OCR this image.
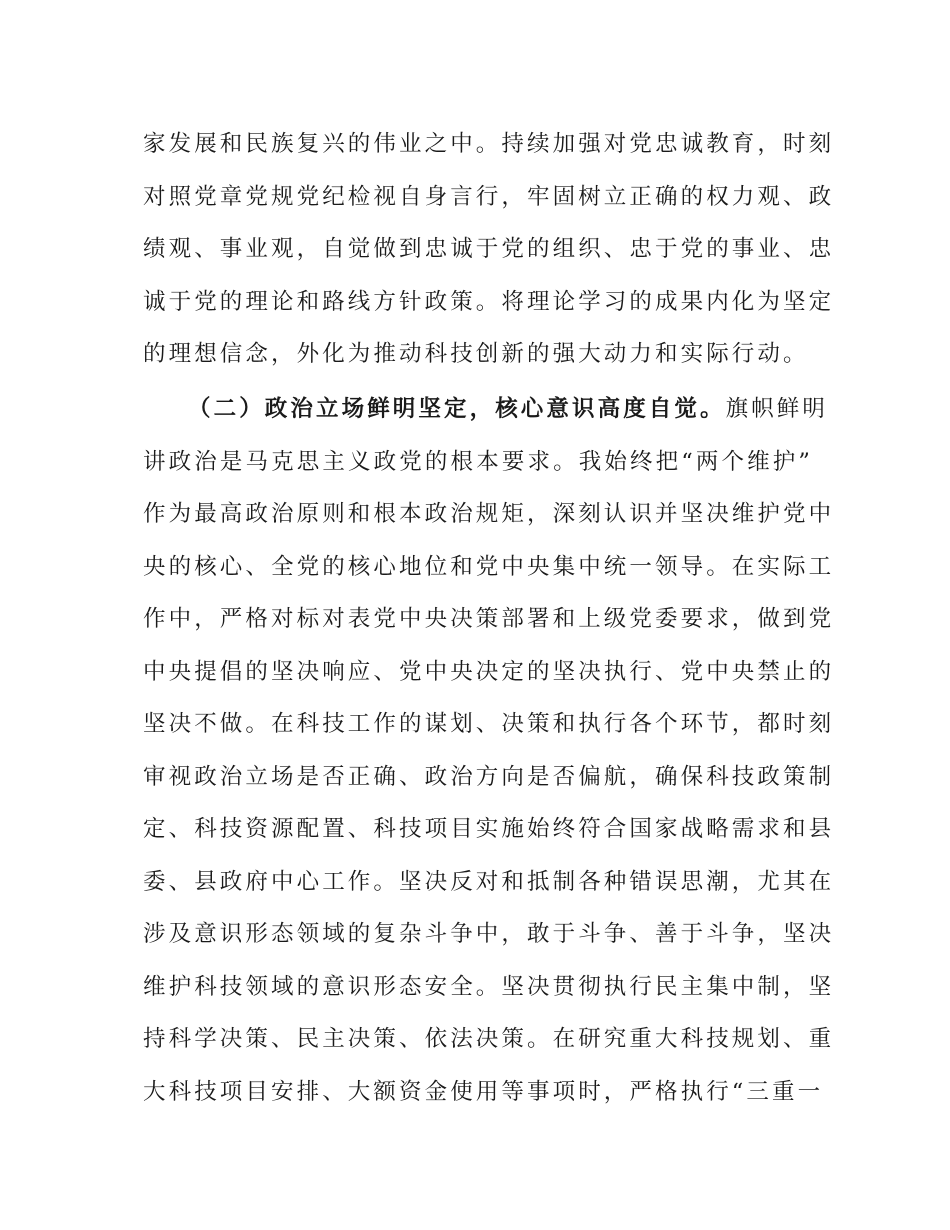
家发展和民族复兴的伟业之中。持续加强对党忠诚教育，时刻
对照党章党规党纪检视自身言行，牢固树立正确的权力观、政
绩观、事业观，自觉做到忠诚于党的组织、忠于党的事业、忠
诚于党的理论和路线方针政策。将理论学习的成果内化为坚定
的理想信念，外化为推动科技创新的强大动力和实际行动。
（二）政治立场鲜明坚定，核心意识高度自觉。旗帜鲜明
讲政治是马克思主义政党的根本要求。我始终把“两个维护”
作为最高政治原则和根本政治规矩，深刻认识并坚决维护党中
央的核心、全党的核心地位和党中央集中统一领导。在实际工
作中，严格对标对表党中央决策部署和上级党委要求，做到党
中央提倡的坚决响应、党中央决定的坚决执行、党中央禁止的
坚决不做。在科技工作的谋划、决策和执行各个环节，都时刻
审视政治立场是否正确、政治方向是否偏航，确保科技政策制
定、科技资源配置、科技项目实施始终符合国家战略需求和县
委、县政府中心工作。坚决反对和抵制各种错误思潮，尤其在
涉及意识形态领域的复杂斗争中，敢于斗争、善于斗争，坚决
维护科技领域的意识形态安全。坚决贯彻执行民主集中制，坚
持科学决策、民主决策、依法决策。在研究重大科技规划、重
大科技项目安排、大额资金使用等事项时，严格执行“三重一
